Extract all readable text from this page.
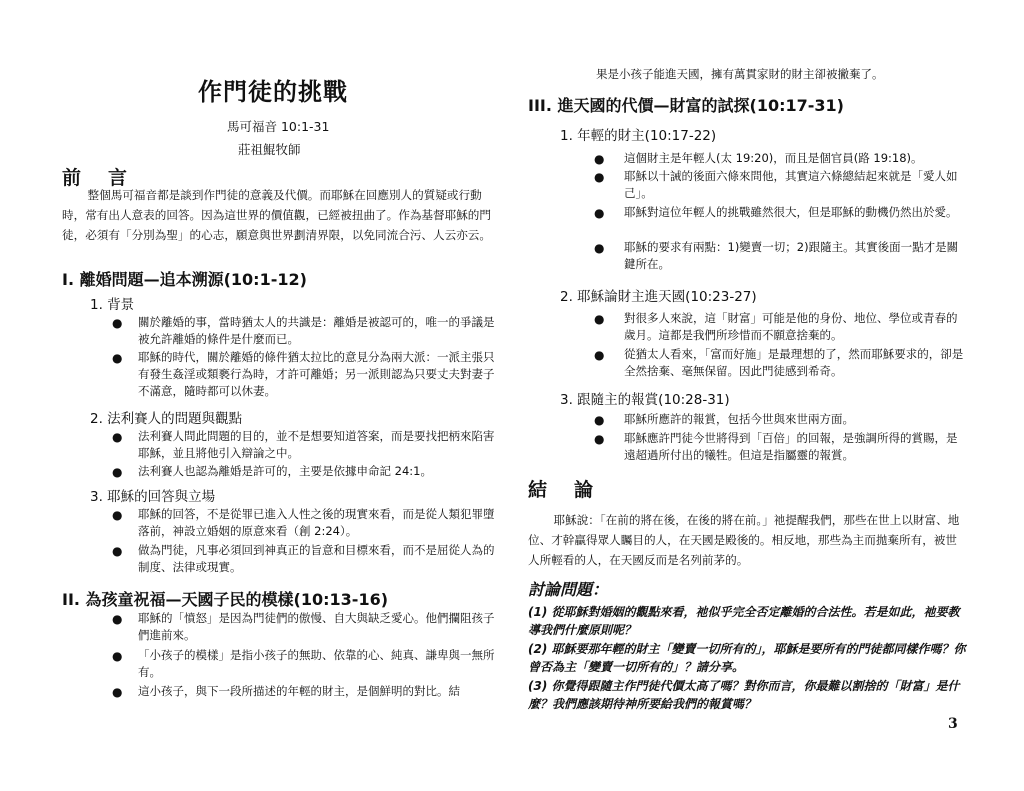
作門徒的挑戰
馬可福音 10:1-31
莊祖鯤牧師
前　言
整個馬可福音都是談到作門徒的意義及代價。而耶穌在回應別人的質疑或行動時，常有出人意表的回答。因為這世界的價值觀，已經被扭曲了。作為基督耶穌的門徒，必須有「分別為聖」的心志，願意與世界劃清界限，以免同流合污、人云亦云。
I. 離婚問題—追本溯源(10:1-12)
1. 背景
● 關於離婚的事，當時猶太人的共識是：離婚是被認可的，唯一的爭議是被允許離婚的條件是什麼而已。
● 耶穌的時代，關於離婚的條件猶太拉比的意見分為兩大派：一派主張只有發生姦淫或類褻行為時，才許可離婚；另一派則認為只要丈夫對妻子不滿意，隨時都可以休妻。
2. 法利賽人的問題與觀點
● 法利賽人問此問題的目的，並不是想要知道答案，而是要找把柄來陷害耶穌，並且將他引入辯論之中。
● 法利賽人也認為離婚是許可的，主要是依據申命記 24:1。
3. 耶穌的回答與立場
● 耶穌的回答，不是從罪已進入人性之後的現實來看，而是從人類犯罪墮落前，神設立婚姻的原意來看（創 2:24）。
● 做為門徒，凡事必須回到神真正的旨意和目標來看，而不是屈從人為的制度、法律或現實。
II. 為孩童祝福—天國子民的模樣(10:13-16)
● 耶穌的「憤怒」是因為門徒們的傲慢、自大與缺乏愛心。他們攔阻孩子們進前來。
● 「小孩子的模樣」是指小孩子的無助、依靠的心、純真、謙卑與一無所有。
● 這小孩子，與下一段所描述的年輕的財主，是個鮮明的對比。結
果是小孩子能進天國，擁有萬貫家財的財主卻被撇棄了。
III. 進天國的代價—財富的試探(10:17-31)
1. 年輕的財主(10:17-22)
● 這個財主是年輕人(太 19:20)，而且是個官員(路 19:18)。
● 耶穌以十誡的後面六條來問他，其實這六條總結起來就是「愛人如己」。
● 耶穌對這位年輕人的挑戰雖然很大，但是耶穌的動機仍然出於愛。
● 耶穌的要求有兩點：1)變賣一切；2)跟隨主。其實後面一點才是關鍵所在。
2. 耶穌論財主進天國(10:23-27)
● 對很多人來說，這「財富」可能是他的身份、地位、學位或青春的歲月。這都是我們所珍惜而不願意捨棄的。
● 從猶太人看來，「富而好施」是最理想的了，然而耶穌要求的，卻是全然捨棄、毫無保留。因此門徒感到希奇。
3. 跟隨主的報賞(10:28-31)
● 耶穌所應許的報賞，包括今世與來世兩方面。
● 耶穌應許門徒今世將得到「百倍」的回報，是強調所得的賞賜，是遠超過所付出的犧牲。但這是指屬靈的報賞。
結　論
耶穌說：「在前的將在後，在後的將在前。」祂提醒我們，那些在世上以財富、地位、才幹贏得眾人矚目的人，在天國是殿後的。相反地，那些為主而拋棄所有，被世人所輕看的人，在天國反而是名列前茅的。
討論問題：
(1) 從耶穌對婚姻的觀點來看，祂似乎完全否定離婚的合法性。若是如此，祂要教導我們什麼原則呢？
(2) 耶穌要那年輕的財主「變賣一切所有的」，耶穌是要所有的門徒都同樣作嗎？你曾否為主「變賣一切所有的」？請分享。
(3) 你覺得跟隨主作門徒代價太高了嗎？對你而言，你最難以割捨的「財富」是什麼？我們應該期待神所要給我們的報賞嗎？
3
